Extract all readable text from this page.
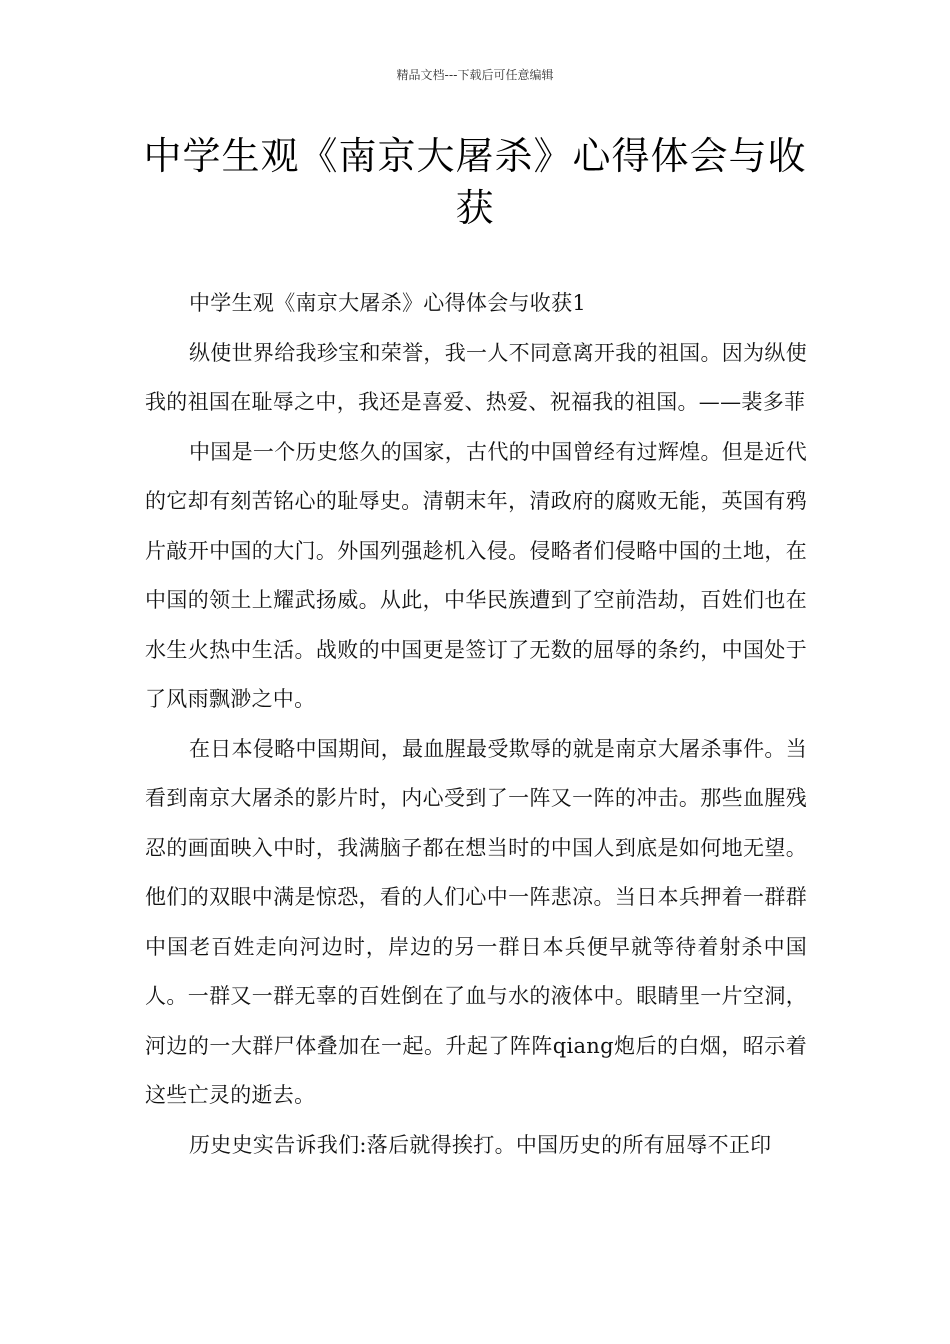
精品文档---下载后可任意编辑
中学生观《南京大屠杀》心得体会与收获

中学生观《南京大屠杀》心得体会与收获1

纵使世界给我珍宝和荣誉，我一人不同意离开我的祖国。因为纵使我的祖国在耻辱之中，我还是喜爱、热爱、祝福我的祖国。——裴多菲

中国是一个历史悠久的国家，古代的中国曾经有过辉煌。但是近代的它却有刻苦铭心的耻辱史。清朝末年，清政府的腐败无能，英国有鸦片敲开中国的大门。外国列强趁机入侵。侵略者们侵略中国的土地，在中国的领土上耀武扬威。从此，中华民族遭到了空前浩劫，百姓们也在水生火热中生活。战败的中国更是签订了无数的屈辱的条约，中国处于了风雨飘渺之中。

在日本侵略中国期间，最血腥最受欺辱的就是南京大屠杀事件。当看到南京大屠杀的影片时，内心受到了一阵又一阵的冲击。那些血腥残忍的画面映入中时，我满脑子都在想当时的中国人到底是如何地无望。他们的双眼中满是惊恐，看的人们心中一阵悲凉。当日本兵押着一群群中国老百姓走向河边时，岸边的另一群日本兵便早就等待着射杀中国人。一群又一群无辜的百姓倒在了血与水的液体中。眼睛里一片空洞，河边的一大群尸体叠加在一起。升起了阵阵qiang炮后的白烟，昭示着这些亡灵的逝去。

历史史实告诉我们:落后就得挨打。中国历史的所有屈辱不正印
